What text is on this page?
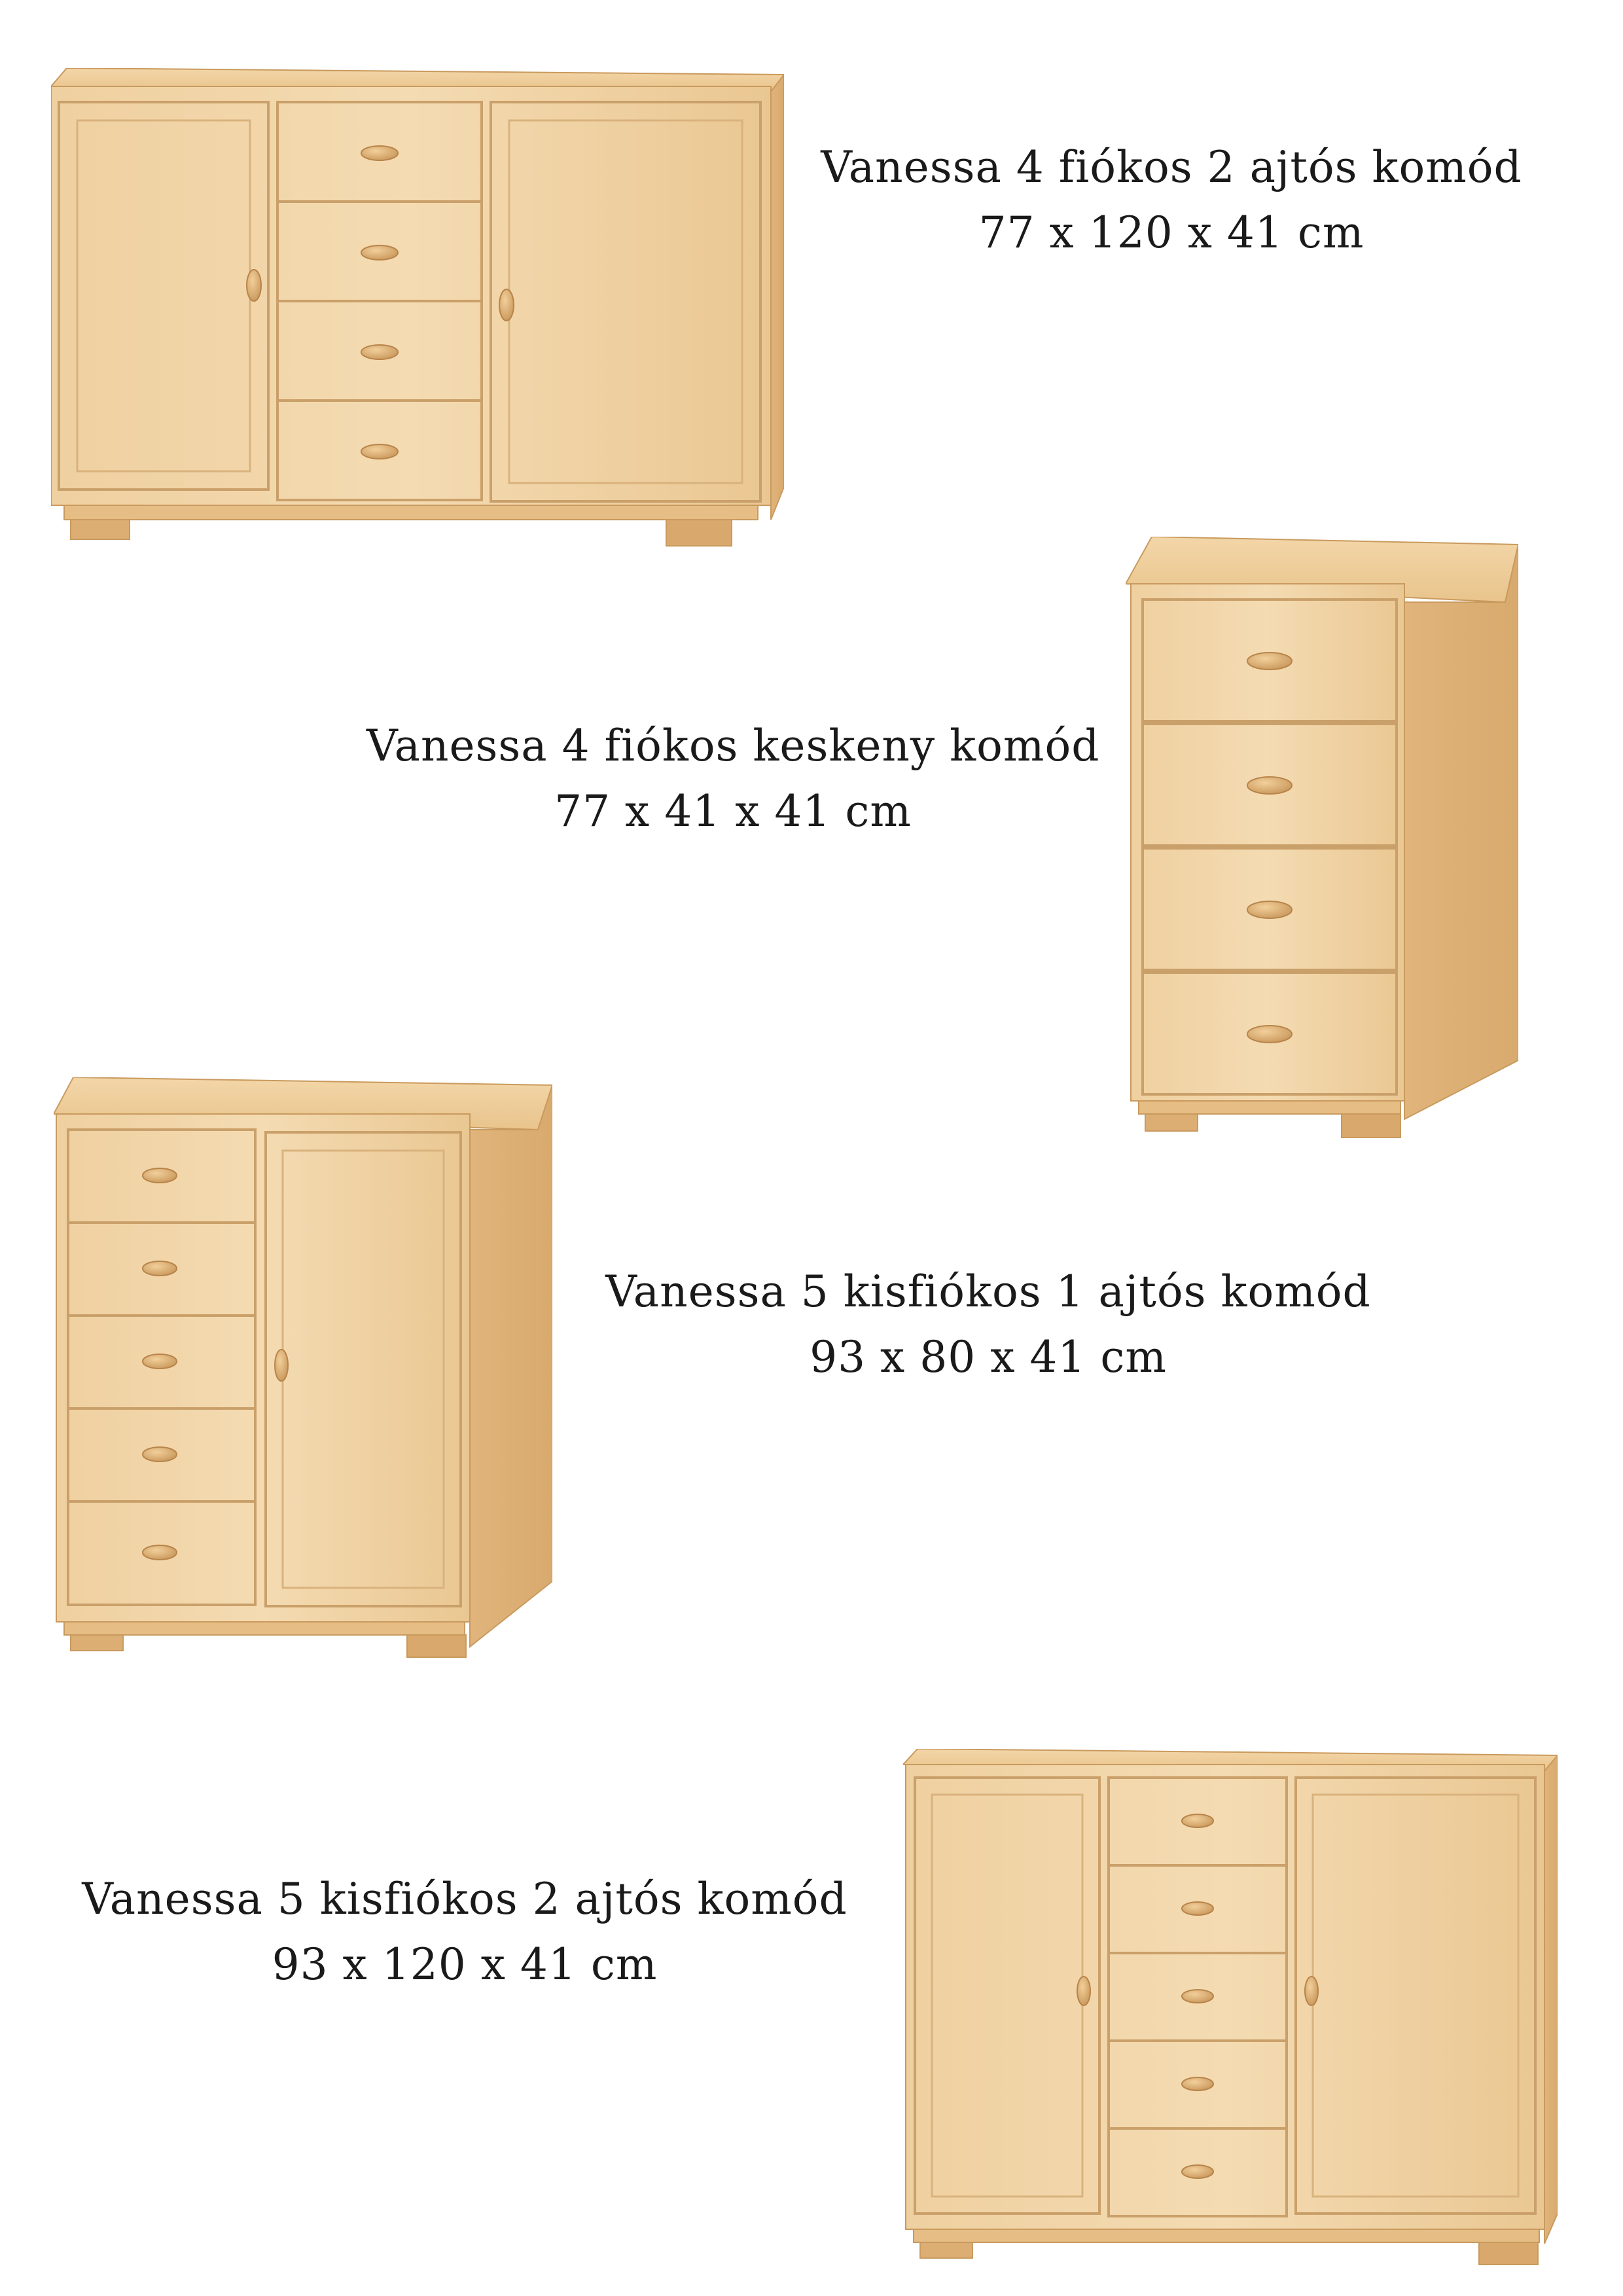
Vanessa 4 fiókos 2 ajtós komód
77 x 120 x 41 cm
Vanessa 4 fiókos keskeny komód
77 x 41 x 41 cm
Vanessa 5 kisfiókos 1 ajtós komód
93 x 80 x 41 cm
Vanessa 5 kisfiókos 2 ajtós komód
93 x 120 x 41 cm
